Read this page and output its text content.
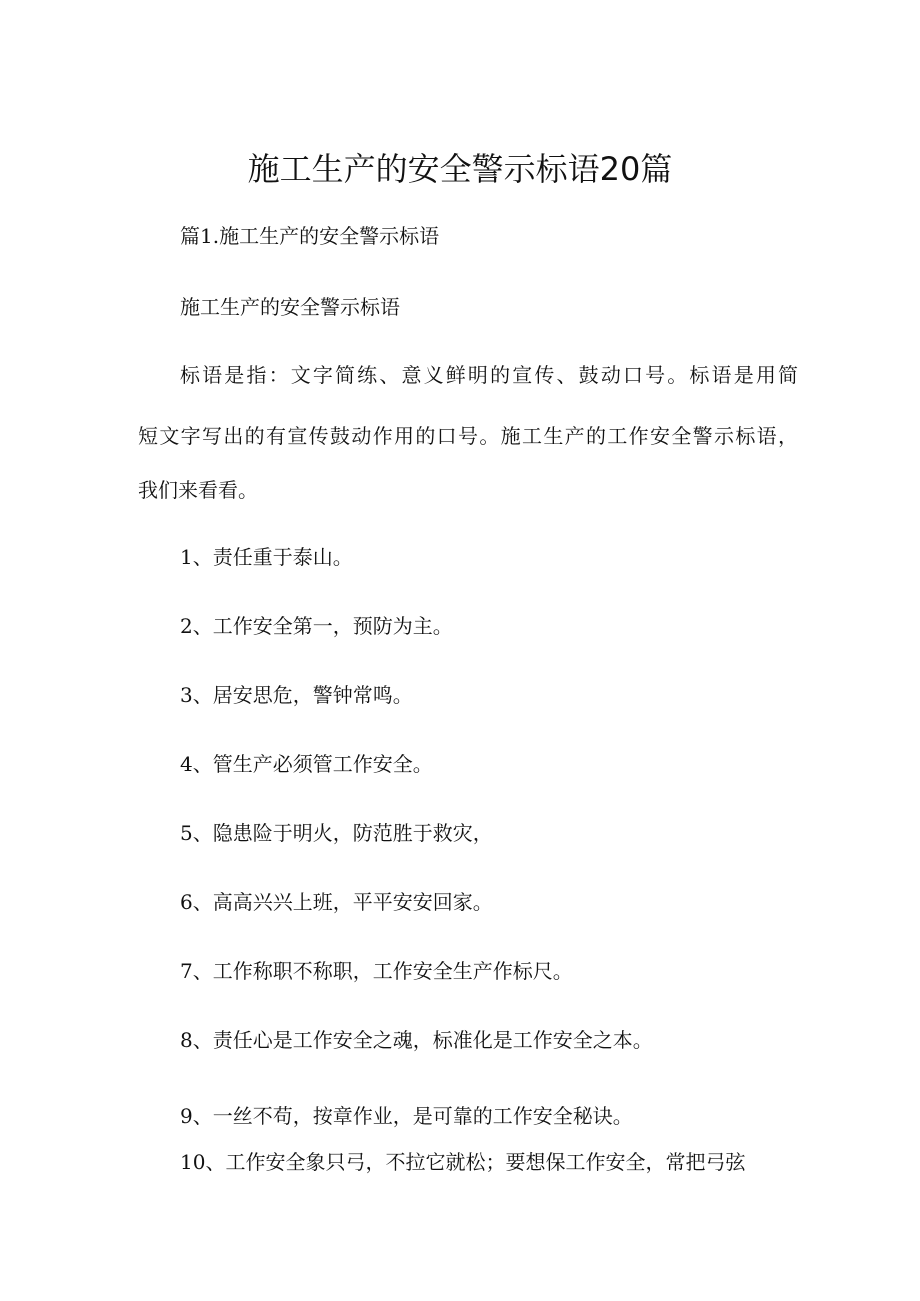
施工生产的安全警示标语20篇

篇1.施工生产的安全警示标语

施工生产的安全警示标语

标语是指：文字简练、意义鲜明的宣传、鼓动口号。标语是用简

短文字写出的有宣传鼓动作用的口号。施工生产的工作安全警示标语，

我们来看看。

1、责任重于泰山。

2、工作安全第一，预防为主。

3、居安思危，警钟常鸣。

4、管生产必须管工作安全。

5、隐患险于明火，防范胜于救灾，

6、高高兴兴上班，平平安安回家。

7、工作称职不称职，工作安全生产作标尺。

8、责任心是工作安全之魂，标准化是工作安全之本。

9、一丝不苟，按章作业，是可靠的工作安全秘诀。

10、工作安全象只弓，不拉它就松；要想保工作安全，常把弓弦
